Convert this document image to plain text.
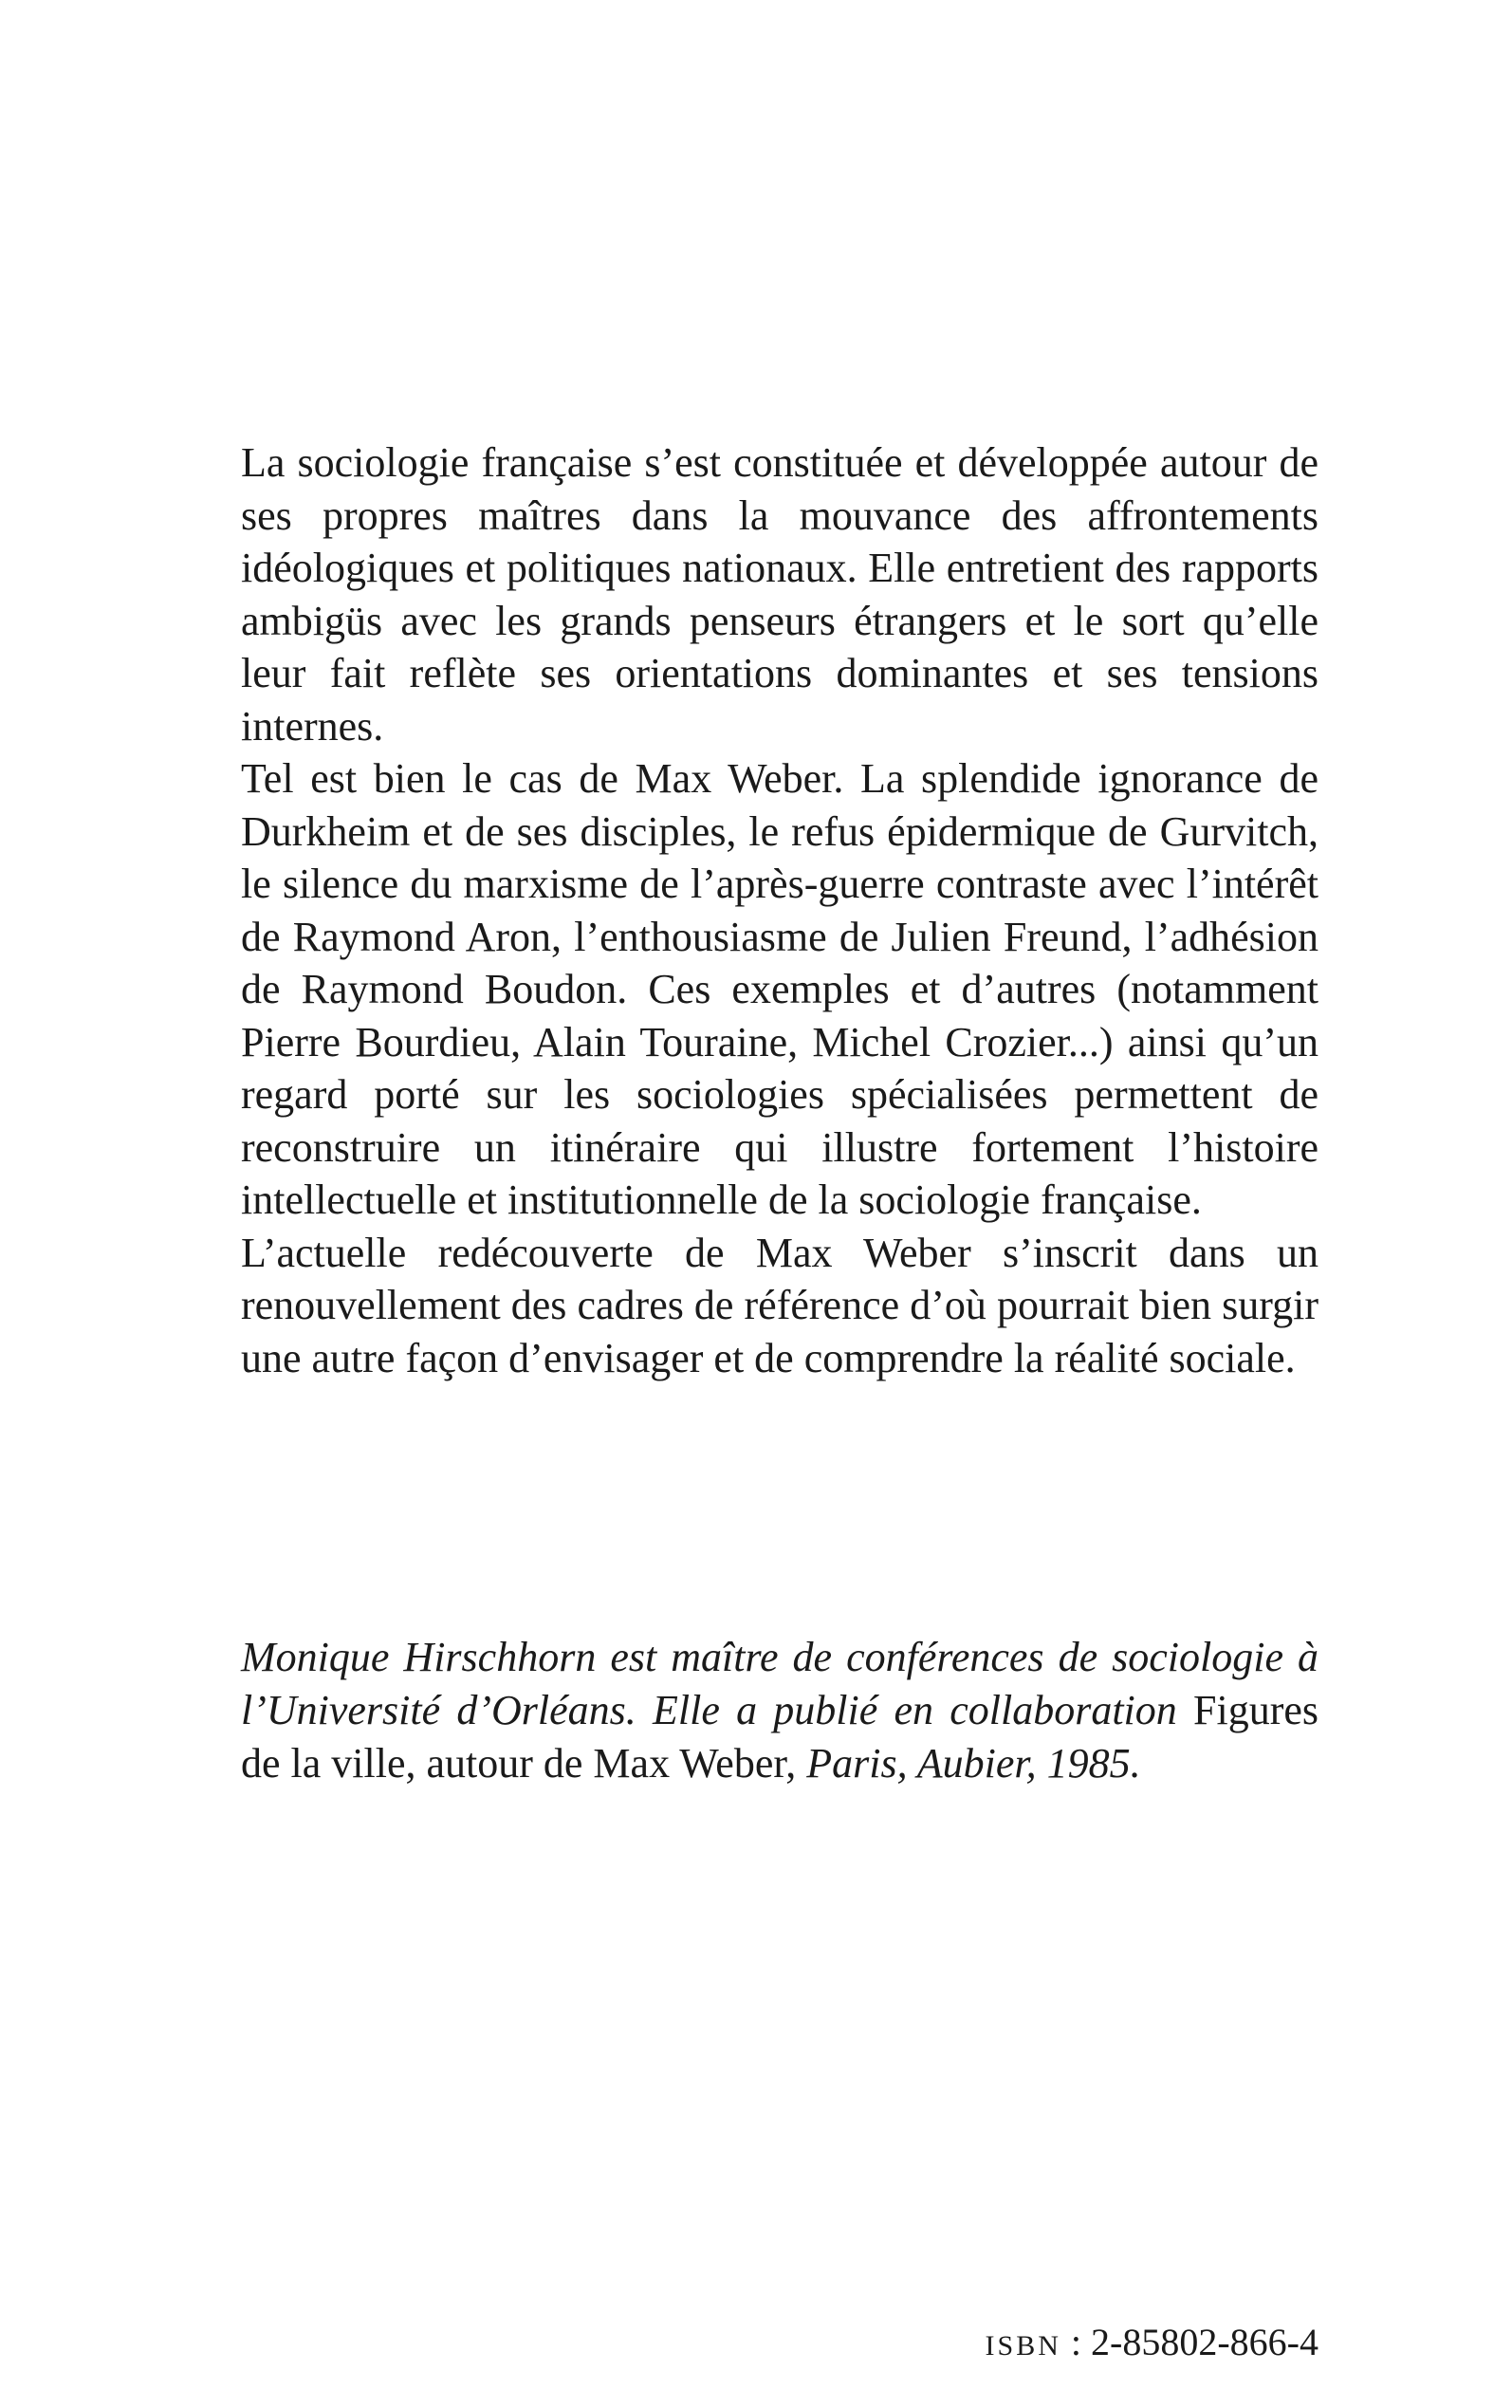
La sociologie française s’est constituée et développée autour de ses propres maîtres dans la mouvance des affrontements idéologiques et politiques nationaux. Elle entretient des rapports ambigüs avec les grands penseurs étrangers et le sort qu’elle leur fait reflète ses orientations dominantes et ses tensions internes.

Tel est bien le cas de Max Weber. La splendide ignorance de Durkheim et de ses disciples, le refus épidermique de Gurvitch, le silence du marxisme de l’après-guerre contraste avec l’intérêt de Raymond Aron, l’enthousiasme de Julien Freund, l’adhésion de Raymond Boudon. Ces exemples et d’autres (notamment Pierre Bourdieu, Alain Touraine, Michel Crozier...) ainsi qu’un regard porté sur les sociologies spécialisées permettent de reconstruire un itinéraire qui illustre fortement l’histoire intellectuelle et institutionnelle de la sociologie française.

L’actuelle redécouverte de Max Weber s’inscrit dans un renouvellement des cadres de référence d’où pourrait bien surgir une autre façon d’envisager et de comprendre la réalité sociale.

Monique Hirschhorn est maître de conférences de sociologie à l’Université d’Orléans. Elle a publié en collaboration Figures de la ville, autour de Max Weber, Paris, Aubier, 1985.

ISBN : 2-85802-866-4
